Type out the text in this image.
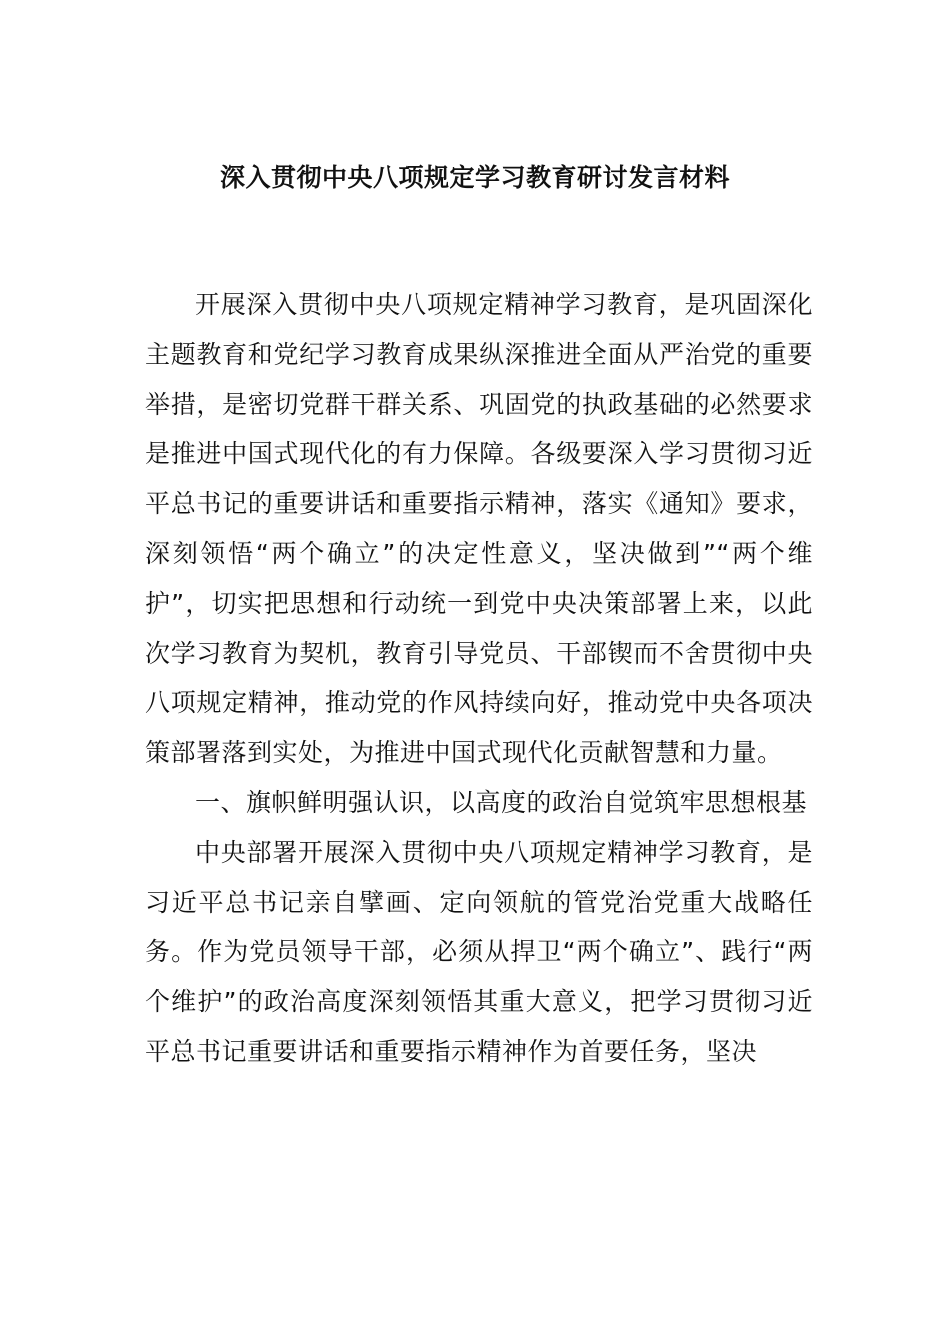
深入贯彻中央八项规定学习教育研讨发言材料

开展深入贯彻中央八项规定精神学习教育，是巩固深化主题教育和党纪学习教育成果纵深推进全面从严治党的重要举措，是密切党群干群关系、巩固党的执政基础的必然要求是推进中国式现代化的有力保障。各级要深入学习贯彻习近平总书记的重要讲话和重要指示精神，落实《通知》要求，深刻领悟“两个确立”的决定性意义，坚决做到”“两个维护”，切实把思想和行动统一到党中央决策部署上来，以此次学习教育为契机，教育引导党员、干部锲而不舍贯彻中央八项规定精神，推动党的作风持续向好，推动党中央各项决策部署落到实处，为推进中国式现代化贡献智慧和力量。

一、旗帜鲜明强认识，以高度的政治自觉筑牢思想根基

中央部署开展深入贯彻中央八项规定精神学习教育，是习近平总书记亲自擘画、定向领航的管党治党重大战略任务。作为党员领导干部，必须从捍卫“两个确立”、践行“两个维护”的政治高度深刻领悟其重大意义，把学习贯彻习近平总书记重要讲话和重要指示精神作为首要任务，坚决
